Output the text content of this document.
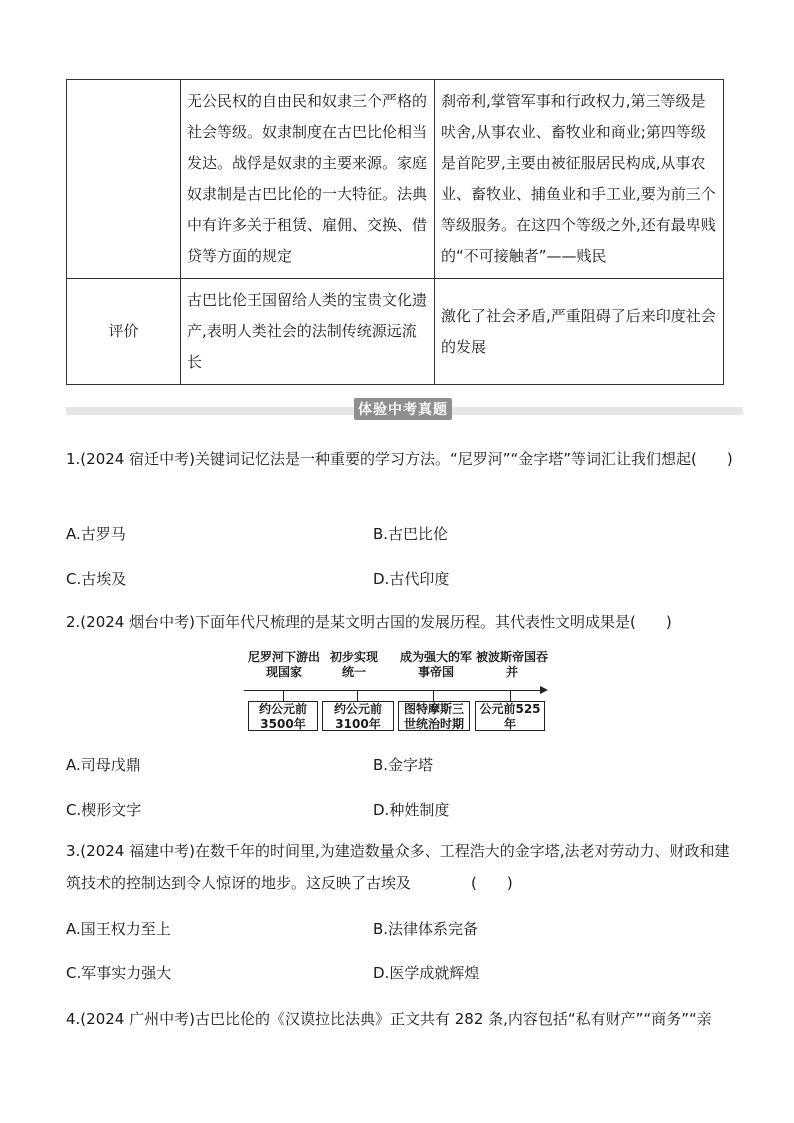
	无公民权的自由民和奴隶三个严格的社会等级。奴隶制度在古巴比伦相当发达。战俘是奴隶的主要来源。家庭奴隶制是古巴比伦的一大特征。法典中有许多关于租赁、雇佣、交换、借贷等方面的规定	刹帝利,掌管军事和行政权力,第三等级是吠舍,从事农业、畜牧业和商业;第四等级是首陀罗,主要由被征服居民构成,从事农业、畜牧业、捕鱼业和手工业,要为前三个等级服务。在这四个等级之外,还有最卑贱的“不可接触者”——贱民
评价	古巴比伦王国留给人类的宝贵文化遗产,表明人类社会的法制传统源远流长	激化了社会矛盾,严重阻碍了后来印度社会的发展
体验中考真题
1.(2024 宿迁中考)关键词记忆法是一种重要的学习方法。“尼罗河”“金字塔”等词汇让我们想起(　　)
A.古罗马	B.古巴比伦
C.古埃及	D.古代印度
2.(2024 烟台中考)下面年代尺梳理的是某文明古国的发展历程。其代表性文明成果是(　　)
尼罗河下游出现国家
初步实现统一
成为强大的军事帝国
被波斯帝国吞并
约公元前3500年
约公元前3100年
图特摩斯三世统治时期
公元前525年
A.司母戊鼎	B.金字塔
C.楔形文字	D.种姓制度
3.(2024 福建中考)在数千年的时间里,为建造数量众多、工程浩大的金字塔,法老对劳动力、财政和建筑技术的控制达到令人惊讶的地步。这反映了古埃及　　　　(　　)
A.国王权力至上	B.法律体系完备
C.军事实力强大	D.医学成就辉煌
4.(2024 广州中考)古巴比伦的《汉谟拉比法典》正文共有 282 条,内容包括“私有财产”“商务”“亲
